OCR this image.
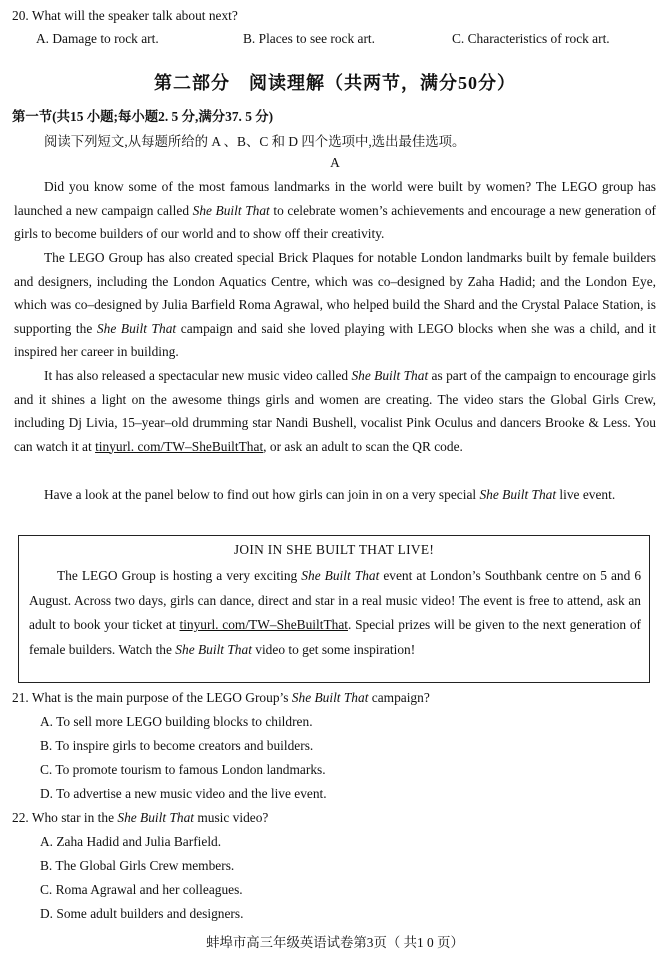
20. What will the speaker talk about next?
A. Damage to rock art.	B. Places to see rock art.	C. Characteristics of rock art.
第二部分　阅读理解（共两节，满分50分）
第一节(共15 小题;每小题2. 5 分,满分37. 5 分)
阅读下列短文,从每题所给的 A 、B、C 和 D 四个选项中,选出最佳选项。
A

Did you know some of the most famous landmarks in the world were built by women? The LEGO group has launched a new campaign called She Built That to celebrate women’s achievements and encourage a new generation of girls to become builders of our world and to show off their creativity.

The LEGO Group has also created special Brick Plaques for notable London landmarks built by female builders and designers, including the London Aquatics Centre, which was co–designed by Zaha Hadid; and the London Eye, which was co–designed by Julia Barfield Roma Agrawal, who helped build the Shard and the Crystal Palace Station, is supporting the She Built That campaign and said she loved playing with LEGO blocks when she was a child, and it inspired her career in building.

It has also released a spectacular new music video called She Built That as part of the campaign to encourage girls and it shines a light on the awesome things girls and women are creating. The video stars the Global Girls Crew, including Dj Livia, 15–year–old drumming star Nandi Bushell, vocalist Pink Oculus and dancers Brooke & Less. You can watch it at tinyurl. com/TW–SheBuiltThat, or ask an adult to scan the QR code.

Have a look at the panel below to find out how girls can join in on a very special She Built That live event.

JOIN IN SHE BUILT THAT LIVE!

The LEGO Group is hosting a very exciting She Built That event at London’s Southbank centre on 5 and 6 August. Across two days, girls can dance, direct and star in a real music video! The event is free to attend, ask an adult to book your ticket at tinyurl. com/TW–SheBuiltThat. Special prizes will be given to the next generation of female builders. Watch the She Built That video to get some inspiration!

21. What is the main purpose of the LEGO Group’s She Built That campaign?
A. To sell more LEGO building blocks to children.
B. To inspire girls to become creators and builders.
C. To promote tourism to famous London landmarks.
D. To advertise a new music video and the live event.
22. Who star in the She Built That music video?
A. Zaha Hadid and Julia Barfield.
B. The Global Girls Crew members.
C. Roma Agrawal and her colleagues.
D. Some adult builders and designers.
蚌埠市高三年级英语试卷第3页（ 共1 0 页）
